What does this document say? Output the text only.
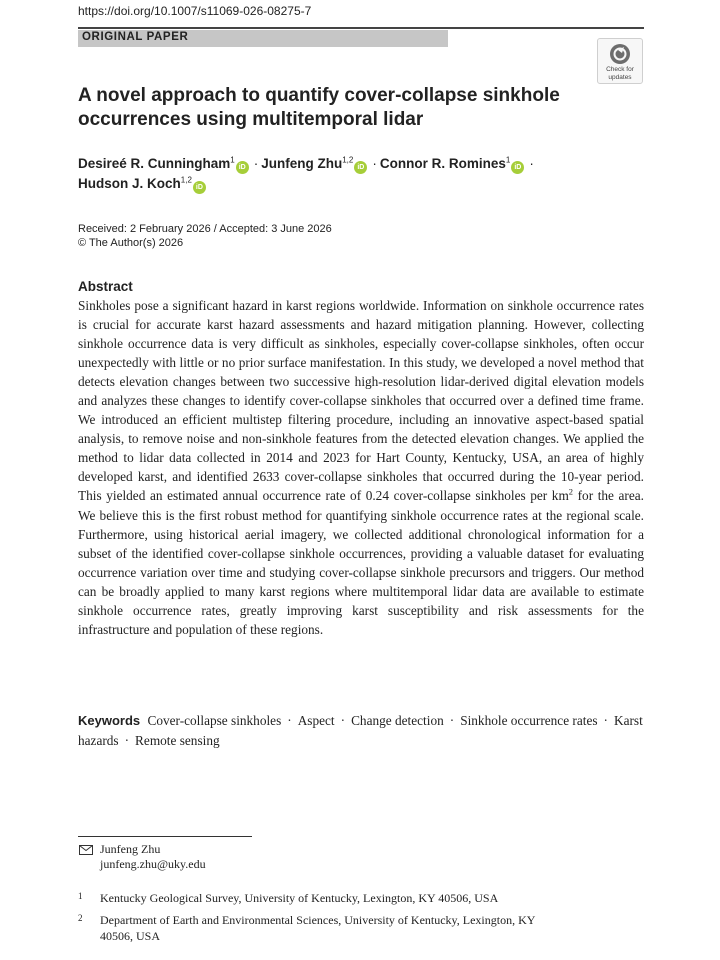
https://doi.org/10.1007/s11069-026-08275-7
ORIGINAL PAPER
Check for
updates
A novel approach to quantify cover-collapse sinkhole
occurrences using multitemporal lidar
Desireé R. Cunningham$^1$iD · Junfeng Zhu$^{1,2}$iD · Connor R. Romines$^1$iD ·
Hudson J. Koch$^{1,2}$iD
Received: 2 February 2026 / Accepted: 3 June 2026
© The Author(s) 2026
Abstract

Sinkholes pose a significant hazard in karst regions worldwide. Information on sinkhole occurrence rates is crucial for accurate karst hazard assessments and hazard mitigation planning. However, collecting sinkhole occurrence data is very difficult as sinkholes, especially cover-collapse sinkholes, often occur unexpectedly with little or no prior surface manifestation. In this study, we developed a novel method that detects elevation changes between two successive high-resolution lidar-derived digital elevation models and analyzes these changes to identify cover-collapse sinkholes that occurred over a defined time frame. We introduced an efficient multistep filtering procedure, including an innovative aspect-based spatial analysis, to remove noise and non-sinkhole features from the detected elevation changes. We applied the method to lidar data collected in 2014 and 2023 for Hart County, Kentucky, USA, an area of highly developed karst, and identified 2633 cover-collapse sinkholes that occurred during the 10-year period. This yielded an estimated annual occurrence rate of 0.24 cover-collapse sinkholes per $km^2$ for the area. We believe this is the first robust method for quantifying sinkhole occurrence rates at the regional scale. Furthermore, using historical aerial imagery, we collected additional chronological information for a subset of the identified cover-collapse sinkhole occurrences, providing a valuable dataset for evaluating occurrence variation over time and studying cover-collapse sinkhole precursors and triggers. Our method can be broadly applied to many karst regions where multitemporal lidar data are available to estimate sinkhole occurrence rates, greatly improving karst susceptibility and risk assessments for the infrastructure and population of these regions.

Keywords Cover-collapse sinkholes · Aspect · Change detection · Sinkhole occurrence rates · Karst hazards · Remote sensing

Junfeng Zhu
junfeng.zhu@uky.edu
1 Kentucky Geological Survey, University of Kentucky, Lexington, KY 40506, USA

2 Department of Earth and Environmental Sciences, University of Kentucky, Lexington, KY 40506, USA
